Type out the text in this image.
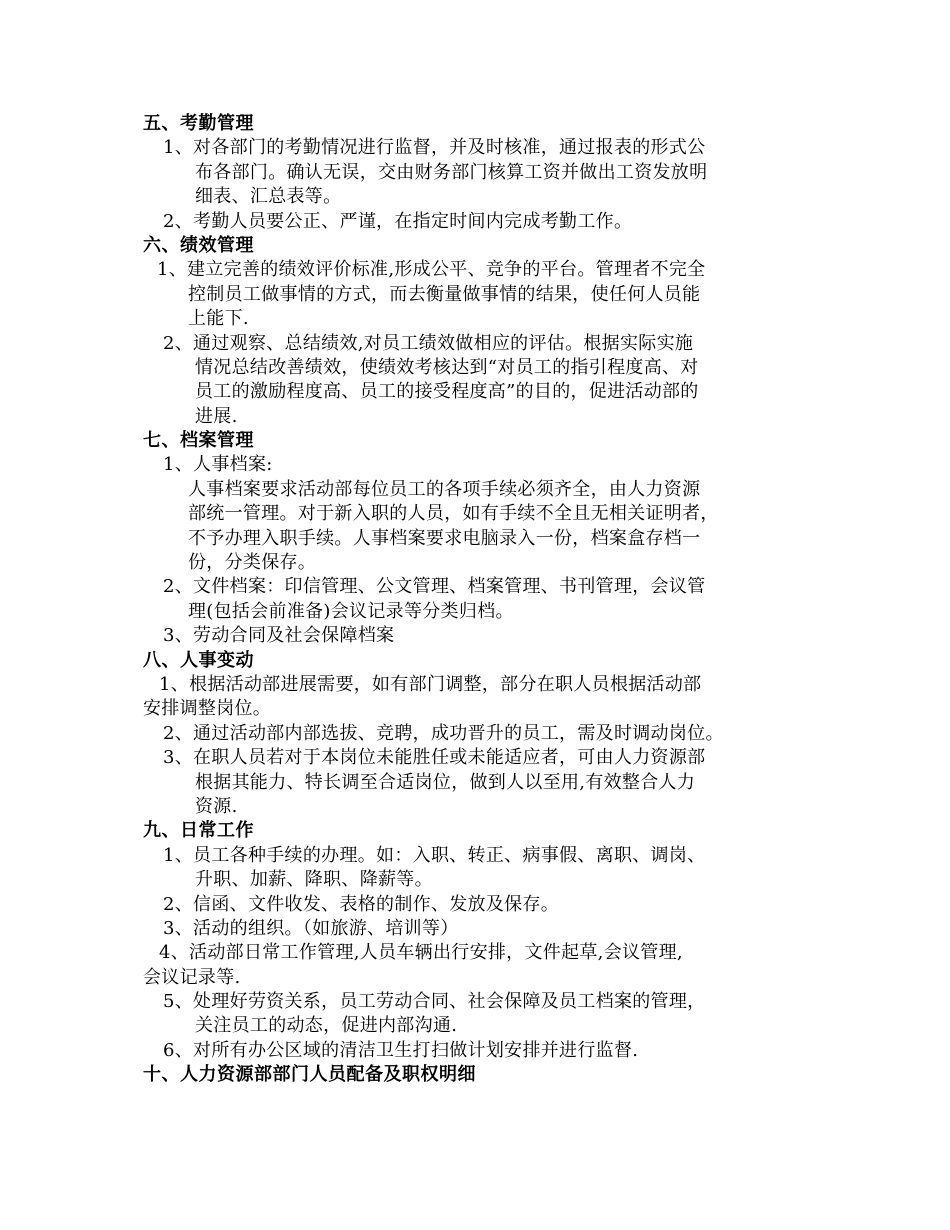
五、考勤管理
1、对各部门的考勤情况进行监督，并及时核准，通过报表的形式公
布各部门。确认无误，交由财务部门核算工资并做出工资发放明
细表、汇总表等。
2、考勤人员要公正、严谨，在指定时间内完成考勤工作。
六、绩效管理
1、建立完善的绩效评价标准,形成公平、竞争的平台。管理者不完全
控制员工做事情的方式，而去衡量做事情的结果，使任何人员能
上能下.
2、通过观察、总结绩效,对员工绩效做相应的评估。根据实际实施
情况总结改善绩效，使绩效考核达到“对员工的指引程度高、对
员工的激励程度高、员工的接受程度高”的目的，促进活动部的
进展.
七、档案管理
1、人事档案:
人事档案要求活动部每位员工的各项手续必须齐全，由人力资源
部统一管理。对于新入职的人员，如有手续不全且无相关证明者，
不予办理入职手续。人事档案要求电脑录入一份，档案盒存档一
份，分类保存。
2、文件档案：印信管理、公文管理、档案管理、书刊管理，会议管
理(包括会前准备)会议记录等分类归档。
3、劳动合同及社会保障档案
八、人事变动
1、根据活动部进展需要，如有部门调整，部分在职人员根据活动部
安排调整岗位。
2、通过活动部内部选拔、竞聘，成功晋升的员工，需及时调动岗位。
3、在职人员若对于本岗位未能胜任或未能适应者，可由人力资源部
根据其能力、特长调至合适岗位，做到人以至用,有效整合人力
资源.
九、日常工作
1、员工各种手续的办理。如：入职、转正、病事假、离职、调岗、
升职、加薪、降职、降薪等。
2、信函、文件收发、表格的制作、发放及保存。
3、活动的组织。（如旅游、培训等）
4、活动部日常工作管理,人员车辆出行安排，文件起草,会议管理,
会议记录等.
5、处理好劳资关系，员工劳动合同、社会保障及员工档案的管理，
关注员工的动态，促进内部沟通.
6、对所有办公区域的清洁卫生打扫做计划安排并进行监督.
十、人力资源部部门人员配备及职权明细
